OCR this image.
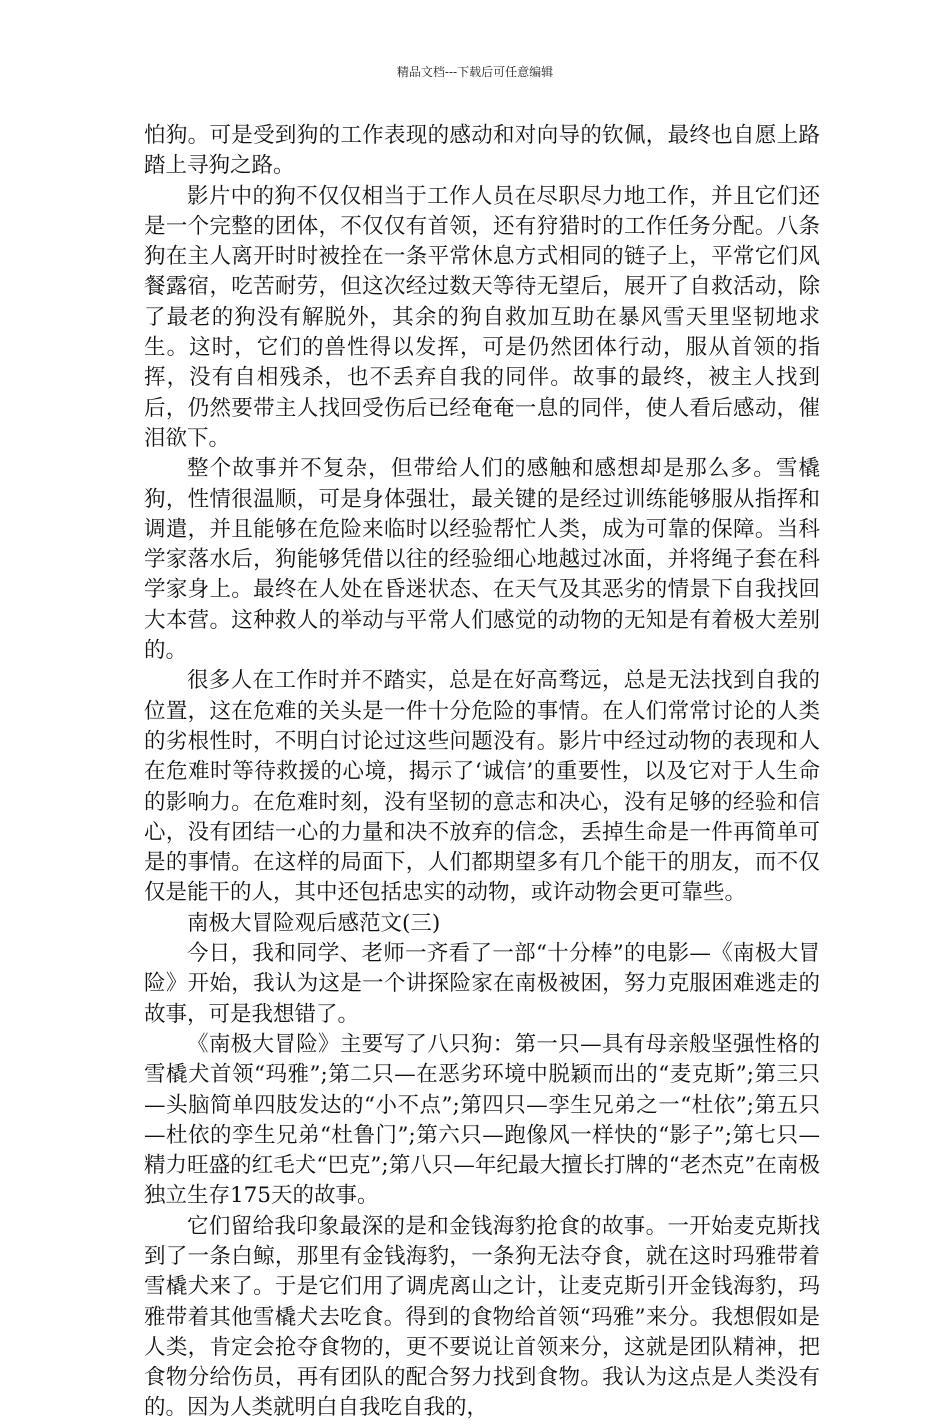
精品文档---下载后可任意编辑

怕狗。可是受到狗的工作表现的感动和对向导的钦佩，最终也自愿上路踏上寻狗之路。

影片中的狗不仅仅相当于工作人员在尽职尽力地工作，并且它们还是一个完整的团体，不仅仅有首领，还有狩猎时的工作任务分配。八条狗在主人离开时时被拴在一条平常休息方式相同的链子上，平常它们风餐露宿，吃苦耐劳，但这次经过数天等待无望后，展开了自救活动，除了最老的狗没有解脱外，其余的狗自救加互助在暴风雪天里坚韧地求生。这时，它们的兽性得以发挥，可是仍然团体行动，服从首领的指挥，没有自相残杀，也不丢弃自我的同伴。故事的最终，被主人找到后，仍然要带主人找回受伤后已经奄奄一息的同伴，使人看后感动，催泪欲下。

整个故事并不复杂，但带给人们的感触和感想却是那么多。雪橇狗，性情很温顺，可是身体强壮，最关键的是经过训练能够服从指挥和调遣，并且能够在危险来临时以经验帮忙人类，成为可靠的保障。当科学家落水后，狗能够凭借以往的经验细心地越过冰面，并将绳子套在科学家身上。最终在人处在昏迷状态、在天气及其恶劣的情景下自我找回大本营。这种救人的举动与平常人们感觉的动物的无知是有着极大差别的。

很多人在工作时并不踏实，总是在好高骛远，总是无法找到自我的位置，这在危难的关头是一件十分危险的事情。在人们常常讨论的人类的劣根性时，不明白讨论过这些问题没有。影片中经过动物的表现和人在危难时等待救援的心境，揭示了‘诚信’的重要性，以及它对于人生命的影响力。在危难时刻，没有坚韧的意志和决心，没有足够的经验和信心，没有团结一心的力量和决不放弃的信念，丢掉生命是一件再简单可是的事情。在这样的局面下，人们都期望多有几个能干的朋友，而不仅仅是能干的人，其中还包括忠实的动物，或许动物会更可靠些。

南极大冒险观后感范文(三)

今日，我和同学、老师一齐看了一部“十分棒”的电影—《南极大冒险》开始，我认为这是一个讲探险家在南极被困，努力克服困难逃走的故事，可是我想错了。

《南极大冒险》主要写了八只狗：第一只—具有母亲般坚强性格的雪橇犬首领“玛雅”;第二只—在恶劣环境中脱颖而出的“麦克斯”;第三只—头脑简单四肢发达的“小不点”;第四只—孪生兄弟之一“杜依”;第五只—杜依的孪生兄弟“杜鲁门”;第六只—跑像风一样快的“影子”;第七只—精力旺盛的红毛犬“巴克”;第八只—年纪最大擅长打牌的“老杰克”在南极独立生存175天的故事。

它们留给我印象最深的是和金钱海豹抢食的故事。一开始麦克斯找到了一条白鲸，那里有金钱海豹，一条狗无法夺食，就在这时玛雅带着雪橇犬来了。于是它们用了调虎离山之计，让麦克斯引开金钱海豹，玛雅带着其他雪橇犬去吃食。得到的食物给首领“玛雅”来分。我想假如是人类，肯定会抢夺食物的，更不要说让首领来分，这就是团队精神，把食物分给伤员，再有团队的配合努力找到食物。我认为这点是人类没有的。因为人类就明白自我吃自我的，
